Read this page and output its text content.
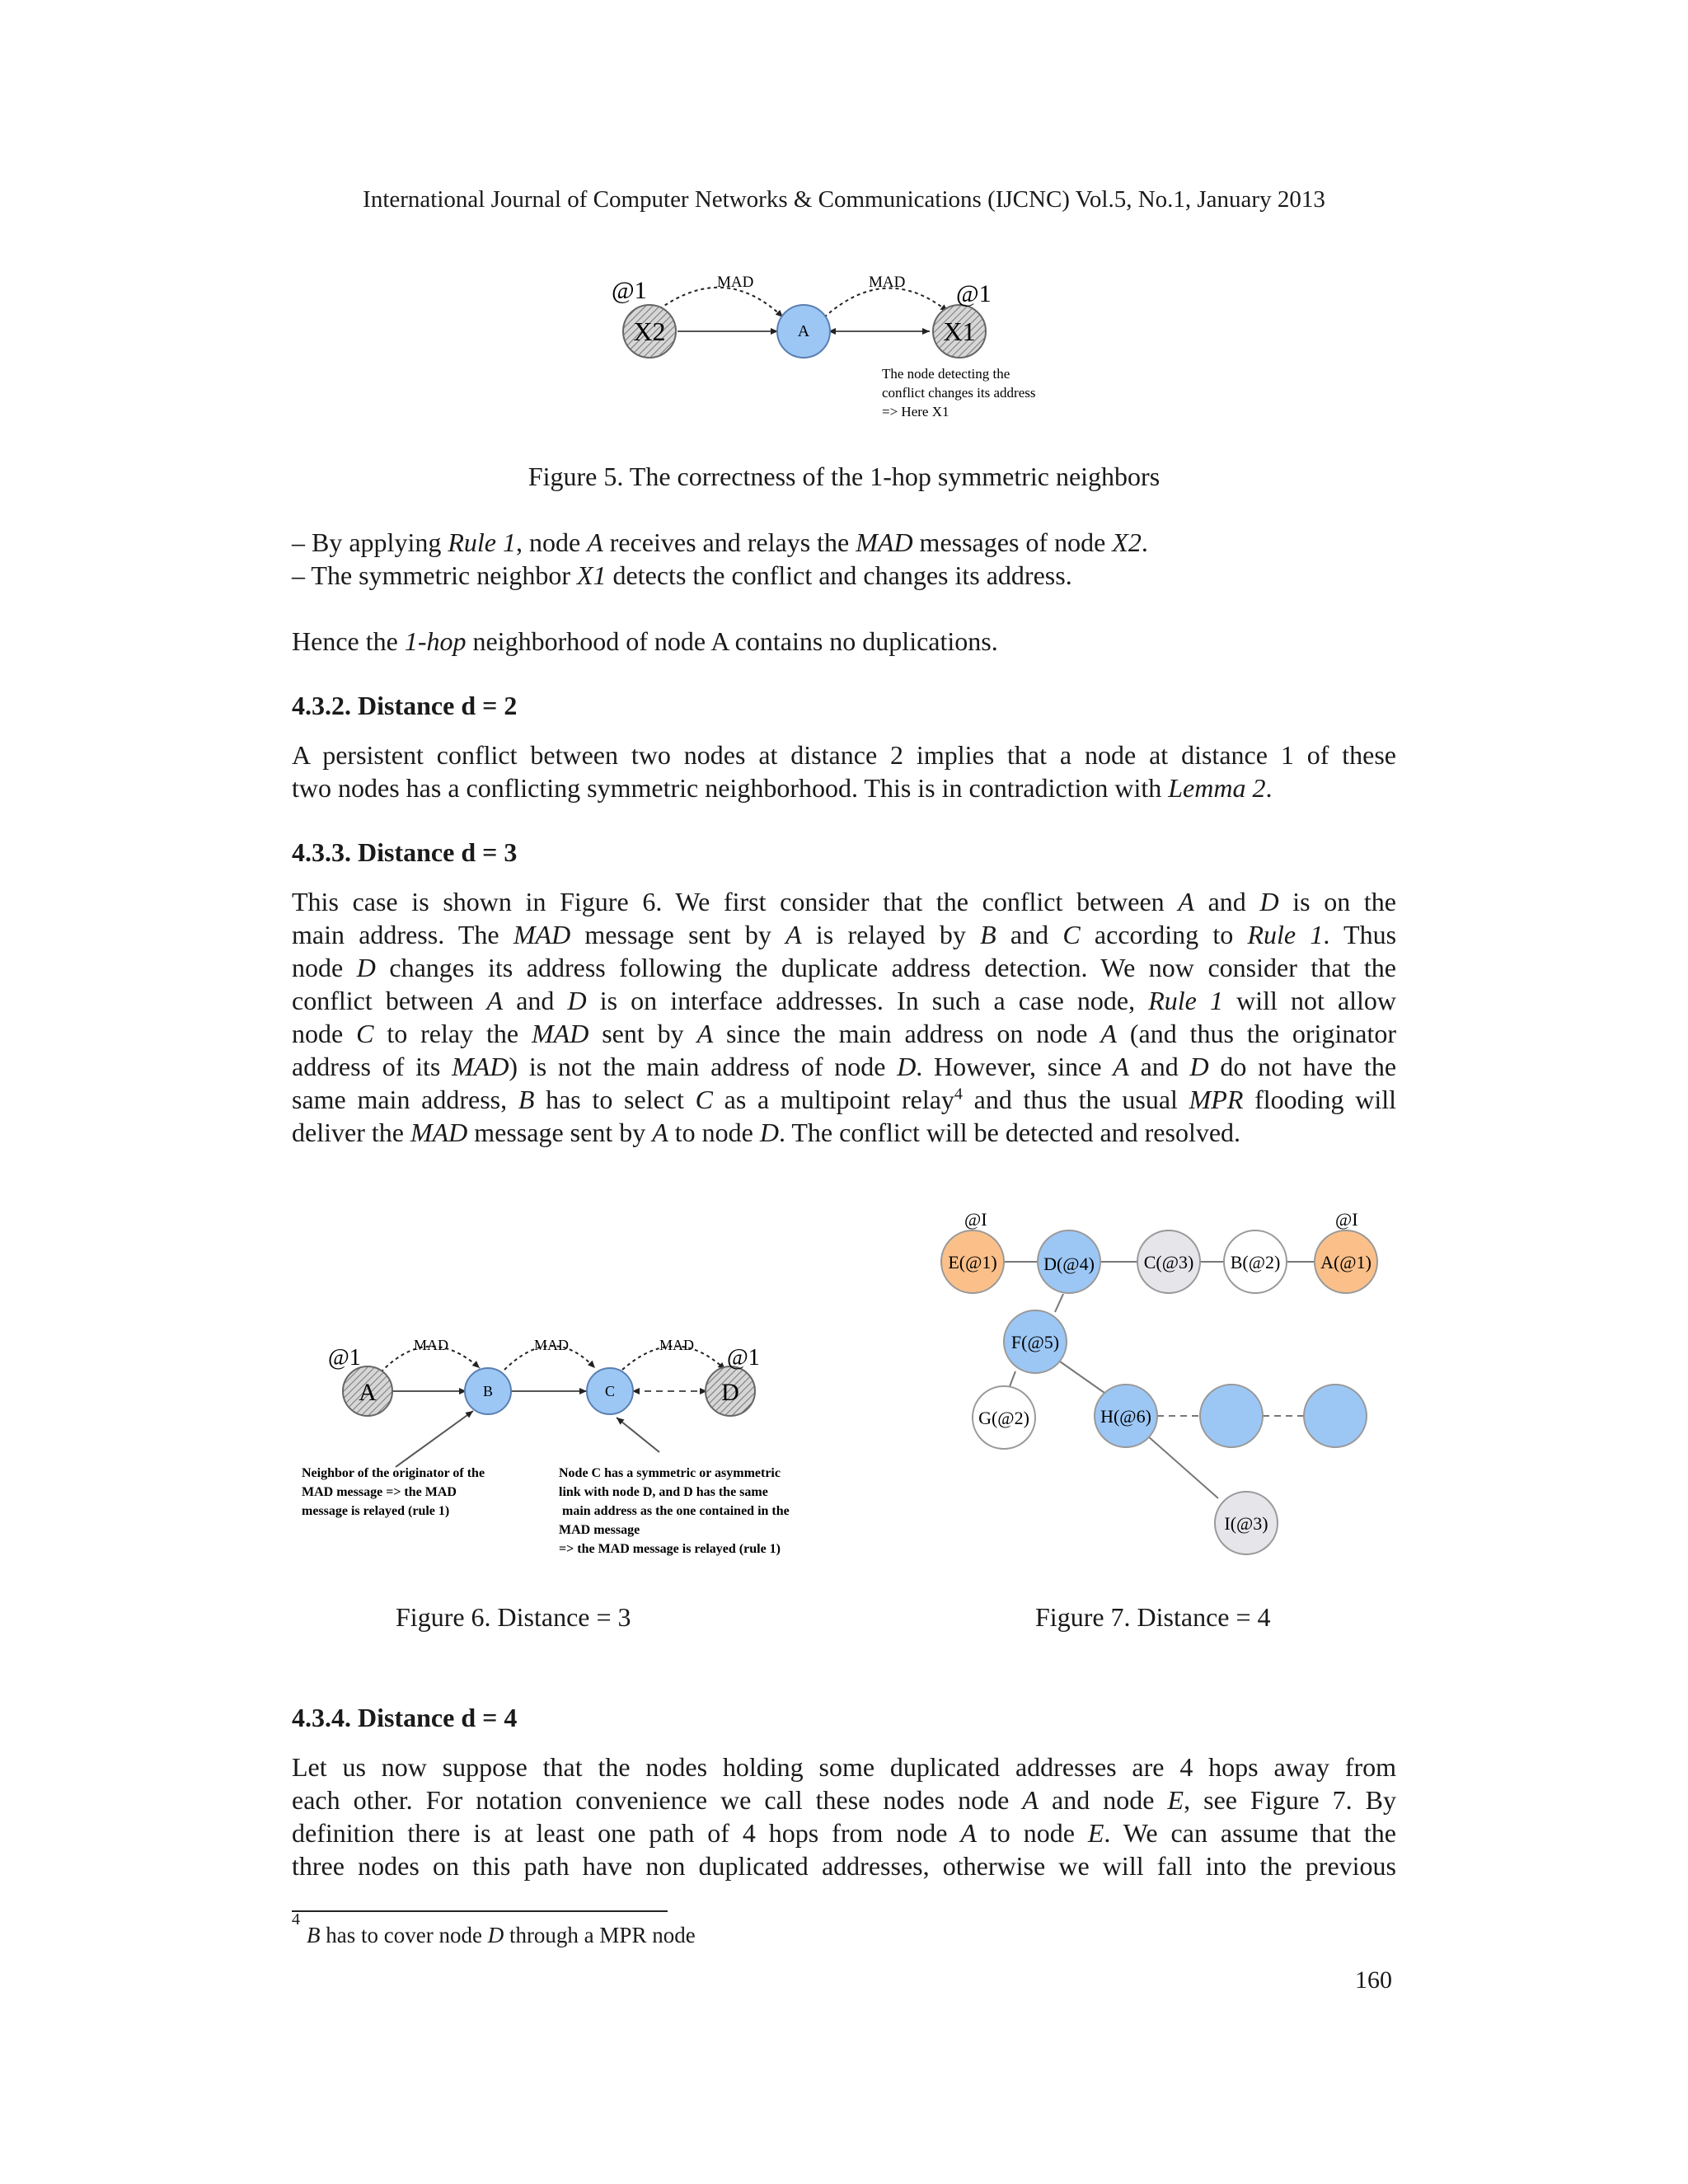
International Journal of Computer Networks & Communications (IJCNC) Vol.5, No.1, January 2013
X2	A	X1
@1	@1
MAD	MAD
The node detecting the
conflict changes its address
=> Here X1
Figure 5. The correctness of the 1-hop symmetric neighbors
– By applying Rule 1, node A receives and relays the MAD messages of node X2.
– The symmetric neighbor X1 detects the conflict and changes its address.
Hence the 1-hop neighborhood of node A contains no duplications.
4.3.2. Distance d = 2
A persistent conflict between two nodes at distance 2 implies that a node at distance 1 of these
two nodes has a conflicting symmetric neighborhood. This is in contradiction with Lemma 2.
4.3.3. Distance d = 3
This case is shown in Figure 6. We first consider that the conflict between A and D is on the
main address. The MAD message sent by A is relayed by B and C according to Rule 1. Thus
node D changes its address following the duplicate address detection. We now consider that the
conflict between A and D is on interface addresses. In such a case node, Rule 1 will not allow
node C to relay the MAD sent by A since the main address on node A (and thus the originator
address of its MAD) is not the main address of node D. However, since A and D do not have the
same main address, B has to select C as a multipoint relay$^4$ and thus the usual MPR flooding will
deliver the MAD message sent by A to node D. The conflict will be detected and resolved.
A	B	C	D
@1	@1
MAD	MAD	MAD
Neighbor of the originator of the
MAD message => the MAD
message is relayed (rule 1)
Node C has a symmetric or asymmetric
link with node D, and D has the same
main address as the one contained in the
MAD message
=> the MAD message is relayed (rule 1)
E(@1)	D(@4)	C(@3) B(@2) A(@1)
F(@5)
G(@2)	H(@6)
I(@3)
@I	@I
Figure 6. Distance = 3	Figure 7. Distance = 4
4.3.4. Distance d = 4
Let us now suppose that the nodes holding some duplicated addresses are 4 hops away from
each other. For notation convenience we call these nodes node A and node E, see Figure 7. By
definition there is at least one path of 4 hops from node A to node E. We can assume that the
three nodes on this path have non duplicated addresses, otherwise we will fall into the previous
$^4$B has to cover node D through a MPR node
160
